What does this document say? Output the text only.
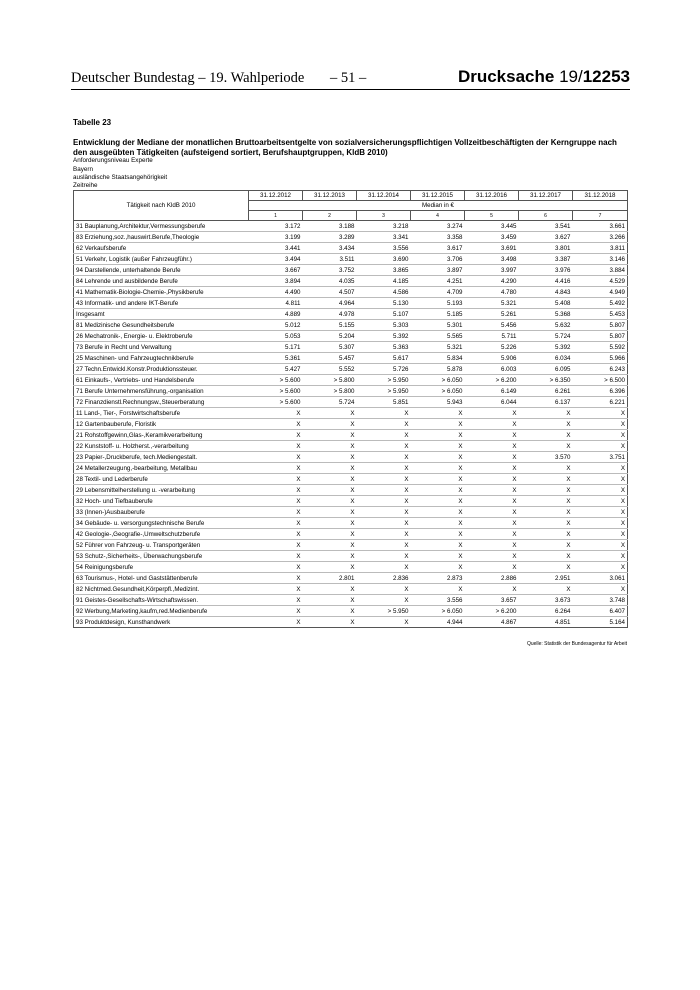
Deutscher Bundestag – 19. Wahlperiode – 51 –	Drucksache 19/12253
Tabelle 23
Entwicklung der Mediane der monatlichen Bruttoarbeitsentgelte von sozialversicherungspflichtigen Vollzeitbeschäftigten der Kerngruppe nach den ausgeübten Tätigkeiten (aufsteigend sortiert, Berufshauptgruppen, KldB 2010)
Anforderungsniveau Experte
Bayern
ausländische Staatsangehörigkeit
Zeitreihe
Tätigkeit nach KldB 2010	31.12.2012	31.12.2013	31.12.2014	31.12.2015	31.12.2016	31.12.2017	31.12.2018
	Median in €						
	1	2	3	4	5	6	7
31 Bauplanung,Architektur,Vermessungsberufe	3.172	3.188	3.218	3.274	3.445	3.541	3.661
83 Erziehung,soz.,hauswirt.Berufe,Theologie	3.199	3.289	3.341	3.358	3.459	3.627	3.266
62 Verkaufsberufe	3.441	3.434	3.556	3.617	3.691	3.801	3.811
51 Verkehr, Logistik (außer Fahrzeugführ.)	3.494	3.511	3.690	3.706	3.498	3.387	3.146
94 Darstellende, unterhaltende Berufe	3.667	3.752	3.865	3.897	3.997	3.976	3.884
84 Lehrende und ausbildende Berufe	3.894	4.035	4.185	4.251	4.290	4.416	4.529
41 Mathematik-Biologie-Chemie-,Physikberufe	4.490	4.507	4.586	4.709	4.780	4.843	4.949
43 Informatik- und andere IKT-Berufe	4.811	4.964	5.130	5.193	5.321	5.408	5.492
Insgesamt	4.889	4.978	5.107	5.185	5.261	5.368	5.453
81 Medizinische Gesundheitsberufe	5.012	5.155	5.303	5.301	5.456	5.632	5.807
26 Mechatronik-, Energie- u. Elektroberufe	5.053	5.204	5.392	5.565	5.711	5.724	5.807
73 Berufe in Recht und Verwaltung	5.171	5.307	5.363	5.321	5.226	5.392	5.592
25 Maschinen- und Fahrzeugtechnikberufe	5.361	5.457	5.617	5.834	5.906	6.034	5.966
27 Techn.Entwickl.Konstr.Produktionssteuer.	5.427	5.552	5.726	5.878	6.003	6.095	6.243
61 Einkaufs-, Vertriebs- und Handelsberufe	> 5.600	> 5.800	> 5.950	> 6.050	> 6.200	> 6.350	> 6.500
71 Berufe Unternehmensführung,-organisation	> 5.600	> 5.800	> 5.950	> 6.050	6.149	6.261	6.396
72 Finanzdienstl.Rechnungsw.,Steuerberatung	> 5.600	5.724	5.851	5.943	6.044	6.137	6.221
11 Land-, Tier-, Forstwirtschaftsberufe	X	X	X	X	X	X	X
12 Gartenbauberufe, Floristik	X	X	X	X	X	X	X
21 Rohstoffgewinn,Glas-,Keramikverarbeitung	X	X	X	X	X	X	X
22 Kunststoff- u. Holzherst.,-verarbeitung	X	X	X	X	X	X	X
23 Papier-,Druckberufe, tech.Mediengestalt.	X	X	X	X	X	3.570	3.751
24 Metallerzeugung,-bearbeitung, Metallbau	X	X	X	X	X	X	X
28 Textil- und Lederberufe	X	X	X	X	X	X	X
29 Lebensmittelherstellung u. -verarbeitung	X	X	X	X	X	X	X
32 Hoch- und Tiefbauberufe	X	X	X	X	X	X	X
33 (Innen-)Ausbauberufe	X	X	X	X	X	X	X
34 Gebäude- u. versorgungstechnische Berufe	X	X	X	X	X	X	X
42 Geologie-,Geografie-,Umweltschutzberufe	X	X	X	X	X	X	X
52 Führer von Fahrzeug- u. Transportgeräten	X	X	X	X	X	X	X
53 Schutz-,Sicherheits-, Überwachungsberufe	X	X	X	X	X	X	X
54 Reinigungsberufe	X	X	X	X	X	X	X
63 Tourismus-, Hotel- und Gaststättenberufe	X	2.801	2.836	2.873	2.886	2.951	3.061
82 Nichtmed.Gesundheit,Körperpfl.,Medizint.	X	X	X	X	X	X	X
91 Geistes-Gesellschafts-Wirtschaftswissen.	X	X	X	3.556	3.657	3.673	3.748
92 Werbung,Marketing,kaufm,red.Medienberufe	X	X	> 5.950	> 6.050	> 6.200	6.264	6.407
93 Produktdesign, Kunsthandwerk	X	X	X	4.944	4.867	4.851	5.164
Quelle: Statistik der Bundesagentur für Arbeit
